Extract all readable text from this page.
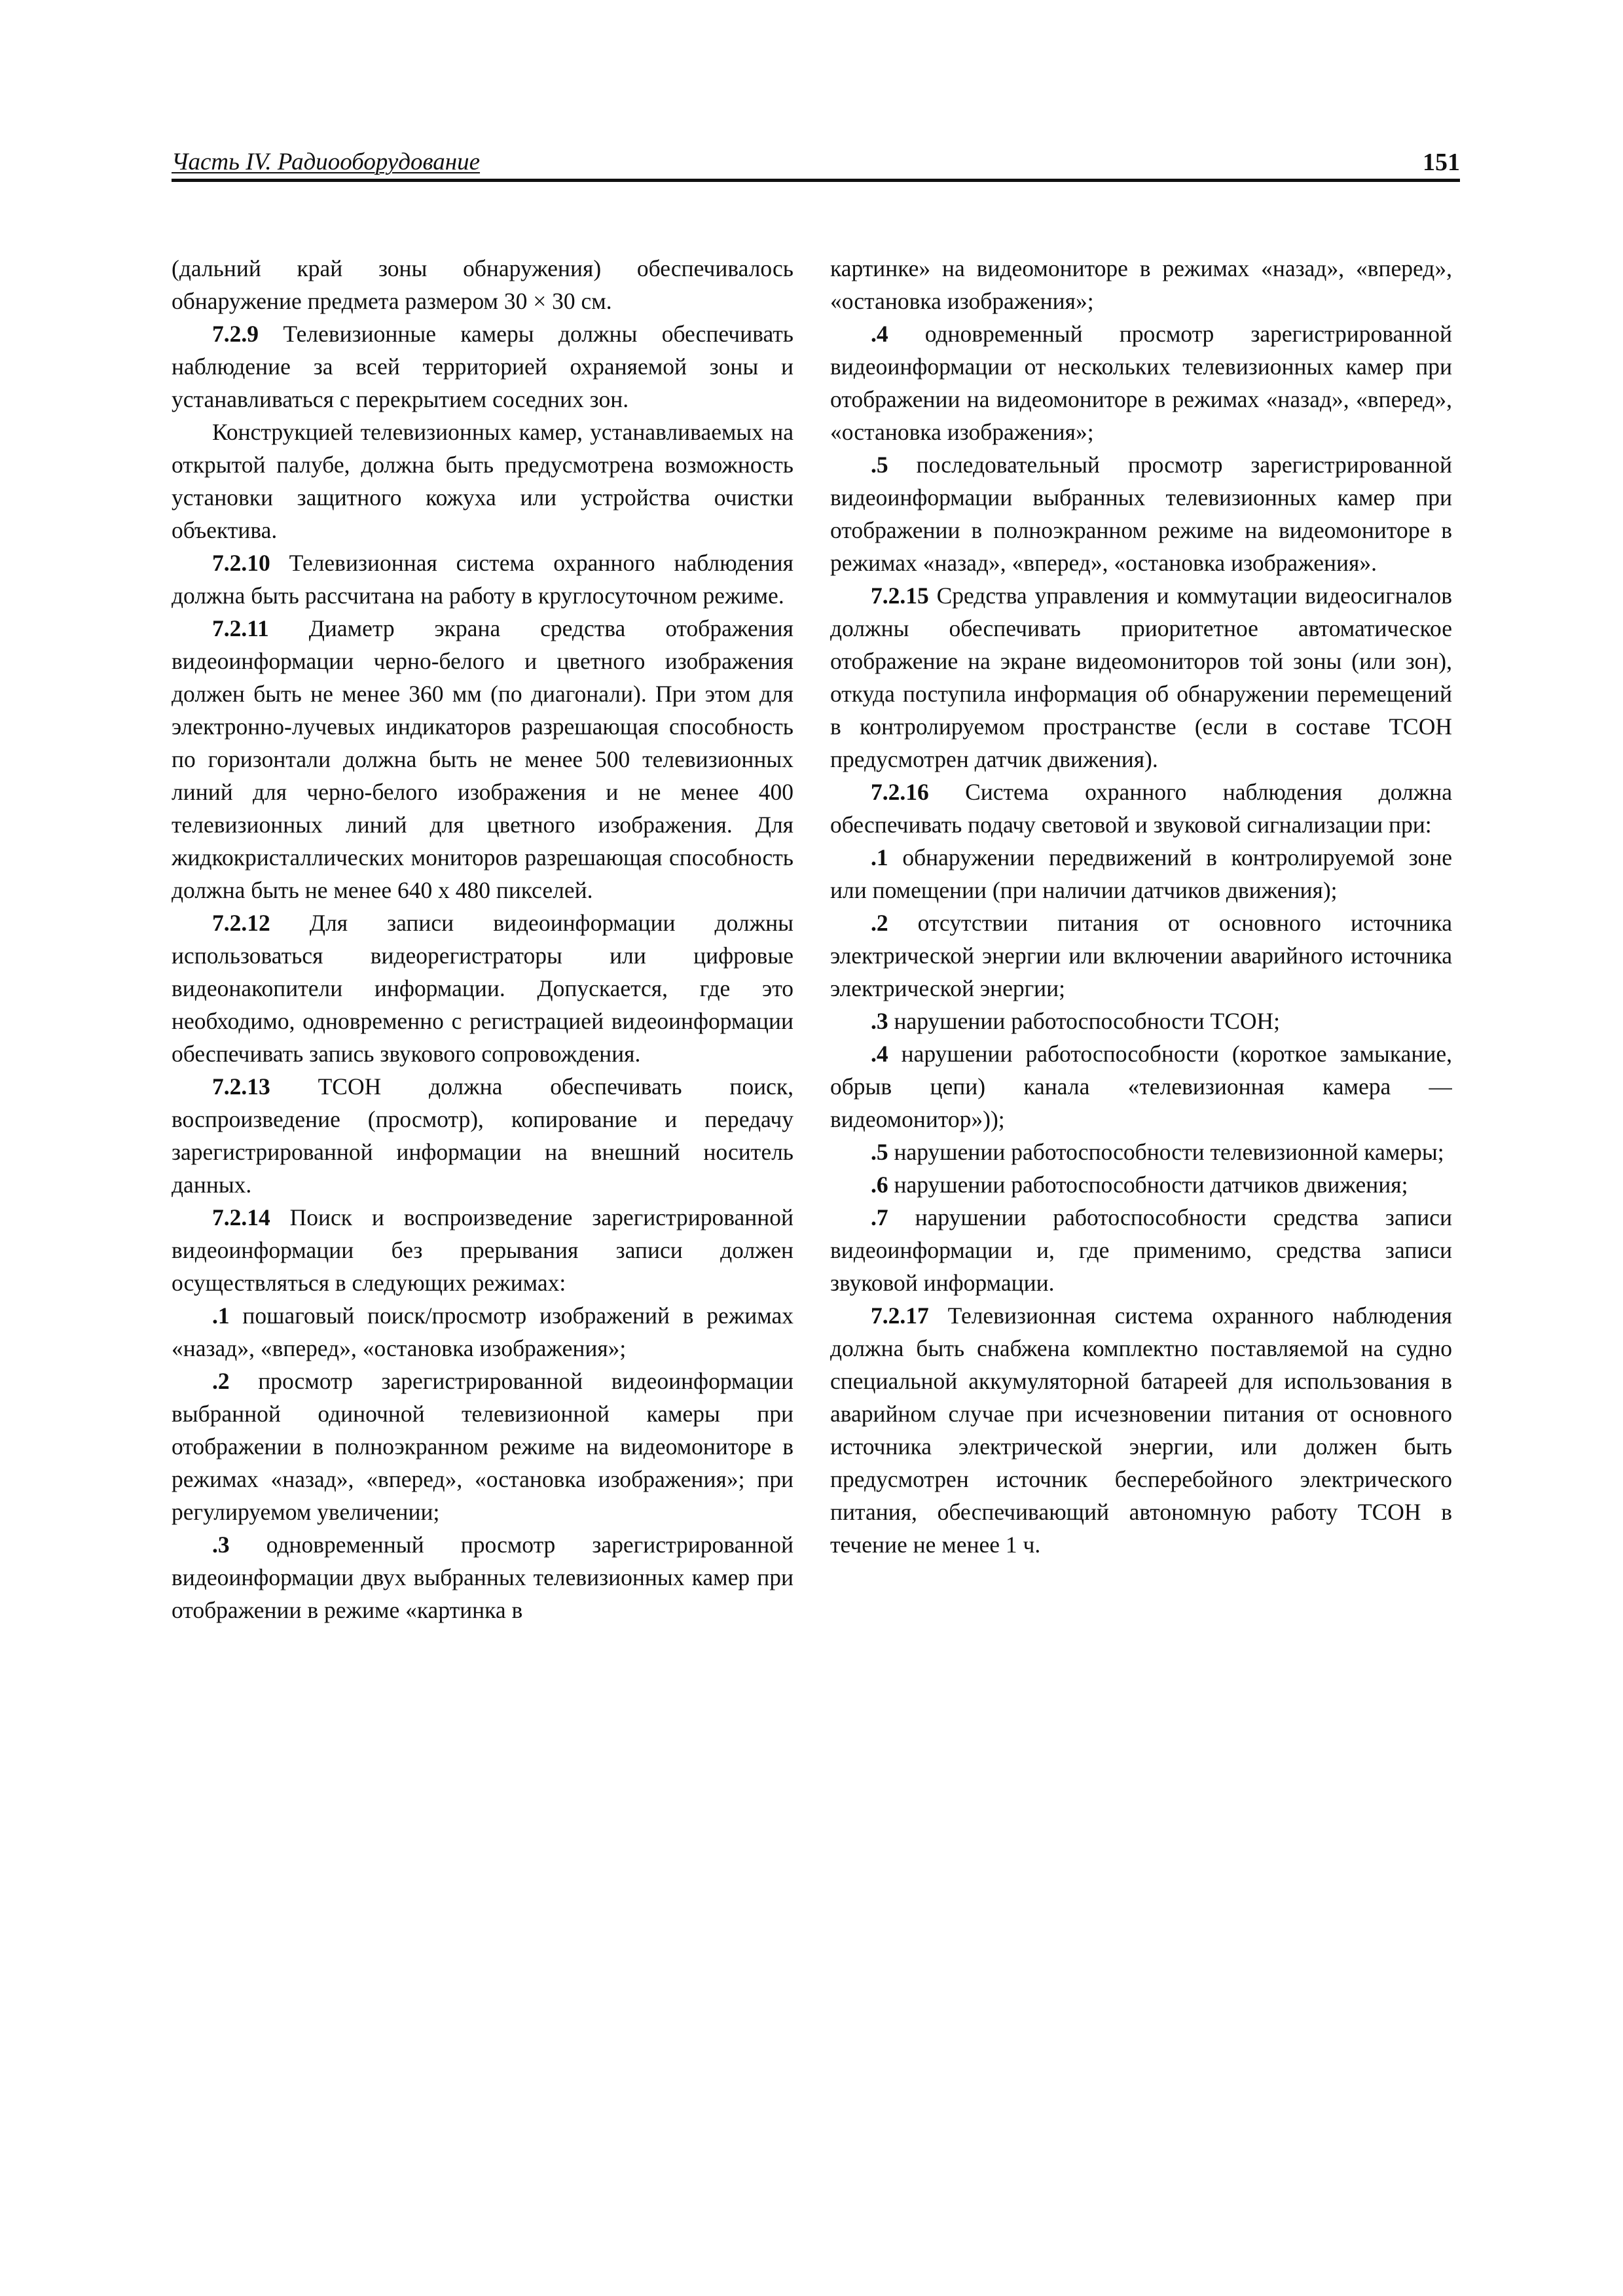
Часть IV. Радиооборудование	151

(дальний край зоны обнаружения) обеспечивалось обнаружение предмета размером 30 × 30 см.

7.2.9 Телевизионные камеры должны обеспечивать наблюдение за всей территорией охраняемой зоны и устанавливаться с перекрытием соседних зон.

Конструкцией телевизионных камер, устанавливаемых на открытой палубе, должна быть предусмотрена возможность установки защитного кожуха или устройства очистки объектива.

7.2.10 Телевизионная система охранного наблюдения должна быть рассчитана на работу в круглосуточном режиме.

7.2.11 Диаметр экрана средства отображения видеоинформации черно-белого и цветного изображения должен быть не менее 360 мм (по диагонали). При этом для электронно-лучевых индикаторов разрешающая способность по горизонтали должна быть не менее 500 телевизионных линий для черно-белого изображения и не менее 400 телевизионных линий для цветного изображения. Для жидкокристаллических мониторов разрешающая способность должна быть не менее 640 х 480 пикселей.

7.2.12 Для записи видеоинформации должны использоваться видеорегистраторы или цифровые видеонакопители информации. Допускается, где это необходимо, одновременно с регистрацией видеоинформации обеспечивать запись звукового сопровождения.

7.2.13 ТСОН должна обеспечивать поиск, воспроизведение (просмотр), копирование и передачу зарегистрированной информации на внешний носитель данных.

7.2.14 Поиск и воспроизведение зарегистрированной видеоинформации без прерывания записи должен осуществляться в следующих режимах:

.1 пошаговый поиск/просмотр изображений в режимах «назад», «вперед», «остановка изображения»;

.2 просмотр зарегистрированной видеоинформации выбранной одиночной телевизионной камеры при отображении в полноэкранном режиме на видеомониторе в режимах «назад», «вперед», «остановка изображения»; при регулируемом увеличении;

.3 одновременный просмотр зарегистрированной видеоинформации двух выбранных телевизионных камер при отображении в режиме «картинка в

картинке» на видеомониторе в режимах «назад», «вперед», «остановка изображения»;

.4 одновременный просмотр зарегистрированной видеоинформации от нескольких телевизионных камер при отображении на видеомониторе в режимах «назад», «вперед», «остановка изображения»;

.5 последовательный просмотр зарегистрированной видеоинформации выбранных телевизионных камер при отображении в полноэкранном режиме на видеомониторе в режимах «назад», «вперед», «остановка изображения».

7.2.15 Средства управления и коммутации видеосигналов должны обеспечивать приоритетное автоматическое отображение на экране видеомониторов той зоны (или зон), откуда поступила информация об обнаружении перемещений в контролируемом пространстве (если в составе ТСОН предусмотрен датчик движения).

7.2.16 Система охранного наблюдения должна обеспечивать подачу световой и звуковой сигнализации при:

.1 обнаружении передвижений в контролируемой зоне или помещении (при наличии датчиков движения);

.2 отсутствии питания от основного источника электрической энергии или включении аварийного источника электрической энергии;

.3 нарушении работоспособности ТСОН;

.4 нарушении работоспособности (короткое замыкание, обрыв цепи) канала «телевизионная камера — видеомонитор»));

.5 нарушении работоспособности телевизионной камеры;

.6 нарушении работоспособности датчиков движения;

.7 нарушении работоспособности средства записи видеоинформации и, где применимо, средства записи звуковой информации.

7.2.17 Телевизионная система охранного наблюдения должна быть снабжена комплектно поставляемой на судно специальной аккумуляторной батареей для использования в аварийном случае при исчезновении питания от основного источника электрической энергии, или должен быть предусмотрен источник бесперебойного электрического питания, обеспечивающий автономную работу ТСОН в течение не менее 1 ч.
